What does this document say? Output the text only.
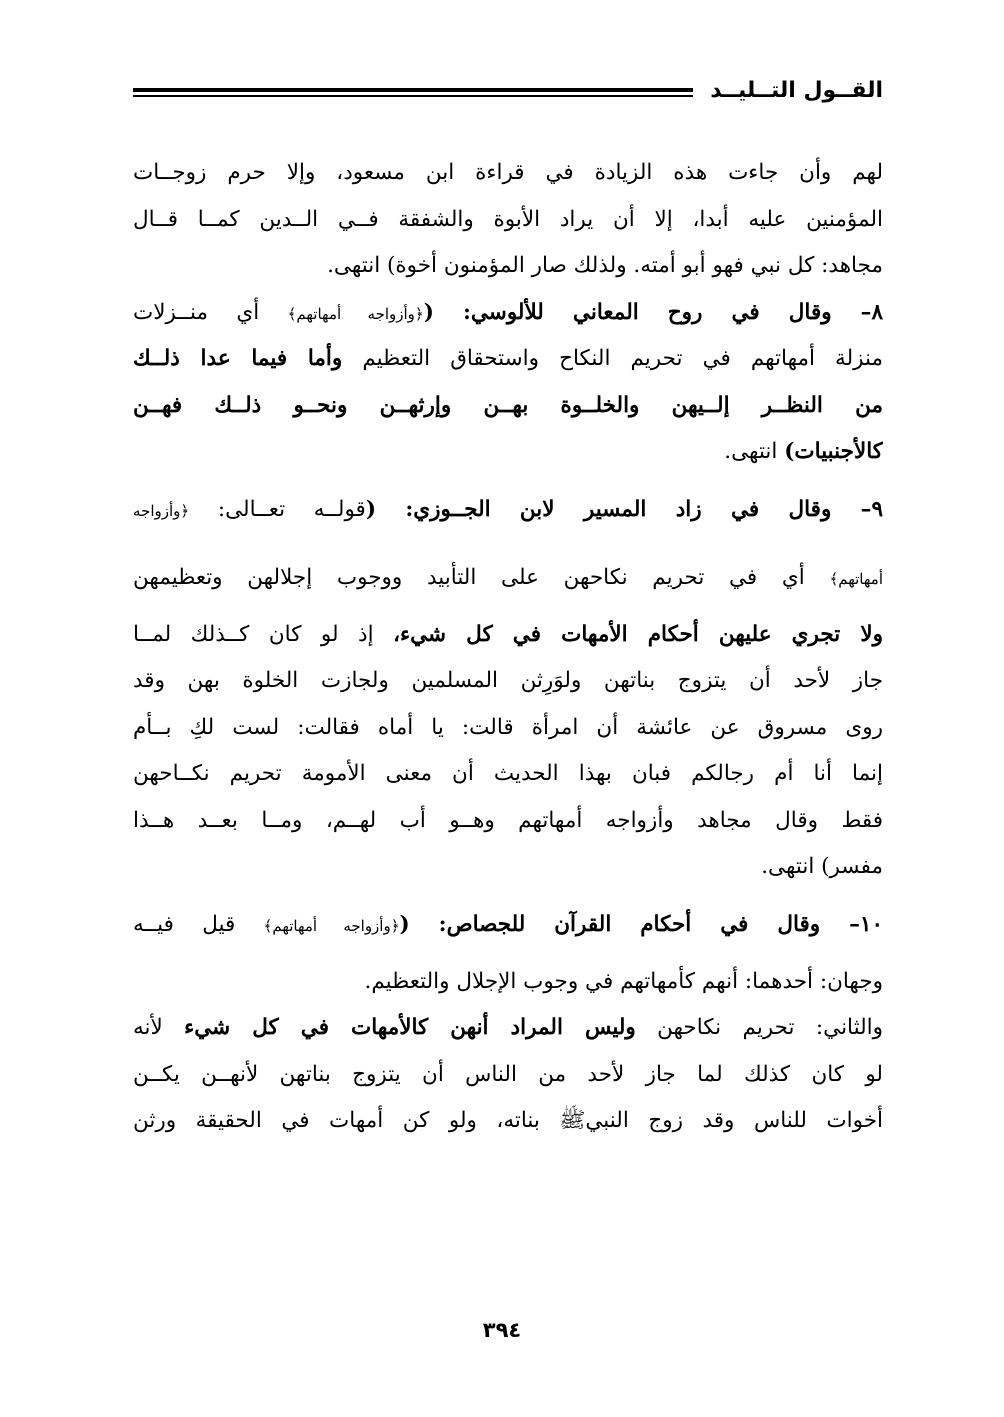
القــول التــليــد
لهم وأن جاءت هذه الزيادة في قراءة ابن مسعود، وإلا حرم زوجــات
المؤمنين عليه أبدا، إلا أن يراد الأبوة والشفقة فــي الــدين كمــا قــال
مجاهد: كل نبي فهو أبو أمته. ولذلك صار المؤمنون أخوة) انتهى.
٨– وقال في روح المعاني للألوسي: (﴿وأزواجه أمهاتهم﴾ أي منــزلات
منزلة أمهاتهم في تحريم النكاح واستحقاق التعظيم وأما فيما عدا ذلــك
من النظــر إلــيهن والخلــوة بهــن وإرثهــن ونحــو ذلــك فهــن
كالأجنبيات) انتهى.
٩– وقال في زاد المسير لابن الجــوزي: (قولــه تعــالى: ﴿وأزواجه
أمهاتهم﴾ أي في تحريم نكاحهن على التأبيد ووجوب إجلالهن وتعظيمهن
ولا تجري عليهن أحكام الأمهات في كل شيء، إذ لو كان كــذلك لمــا
جاز لأحد أن يتزوج بناتهن ولوَرِثن المسلمين ولجازت الخلوة بهن وقد
روى مسروق عن عائشة أن امرأة قالت: يا أماه فقالت: لست لكِ بــأم
إنما أنا أم رجالكم فبان بهذا الحديث أن معنى الأمومة تحريم نكــاحهن
فقط وقال مجاهد وأزواجه أمهاتهم وهــو أب لهــم، ومــا بعــد هــذا
مفسر) انتهى.
١٠– وقال في أحكام القرآن للجصاص: (﴿وأزواجه أمهاتهم﴾ قيل فيــه
وجهان: أحدهما: أنهم كأمهاتهم في وجوب الإجلال والتعظيم.
والثاني: تحريم نكاحهن وليس المراد أنهن كالأمهات في كل شيء لأنه
لو كان كذلك لما جاز لأحد من الناس أن يتزوج بناتهن لأنهــن يكــن
أخوات للناس وقد زوج النبيﷺ بناته، ولو كن أمهات في الحقيقة ورثن
٣٩٤
